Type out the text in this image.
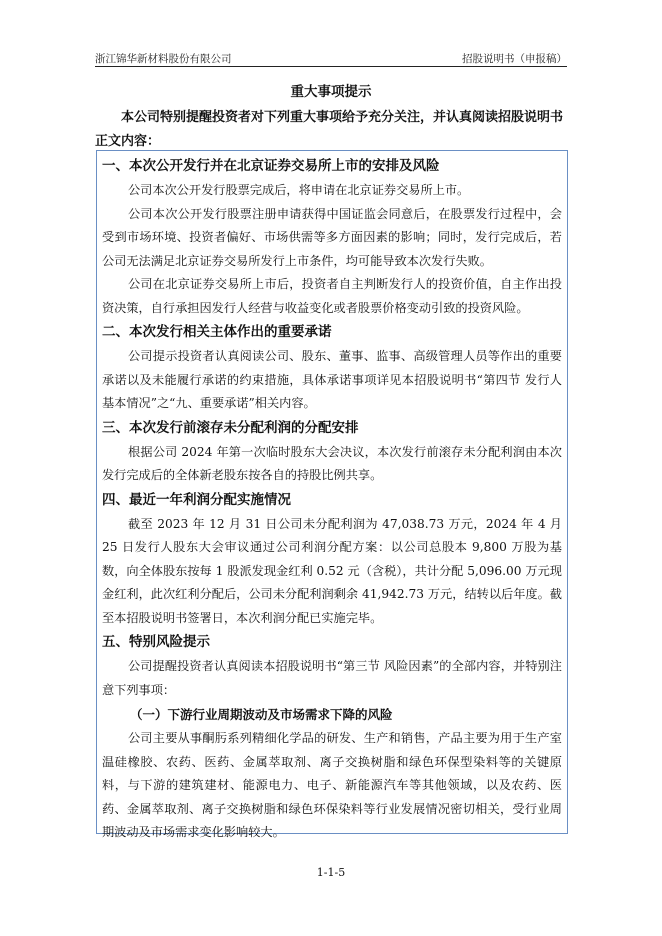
浙江锦华新材料股份有限公司	招股说明书（申报稿）
重大事项提示

本公司特别提醒投资者对下列重大事项给予充分关注，并认真阅读招股说明书正文内容：

一、本次公开发行并在北京证券交易所上市的安排及风险

公司本次公开发行股票完成后，将申请在北京证券交易所上市。

公司本次公开发行股票注册申请获得中国证监会同意后，在股票发行过程中，会受到市场环境、投资者偏好、市场供需等多方面因素的影响；同时，发行完成后，若公司无法满足北京证券交易所发行上市条件，均可能导致本次发行失败。

公司在北京证券交易所上市后，投资者自主判断发行人的投资价值，自主作出投资决策，自行承担因发行人经营与收益变化或者股票价格变动引致的投资风险。

二、本次发行相关主体作出的重要承诺

公司提示投资者认真阅读公司、股东、董事、监事、高级管理人员等作出的重要承诺以及未能履行承诺的约束措施，具体承诺事项详见本招股说明书“第四节 发行人基本情况”之“九、重要承诺”相关内容。

三、本次发行前滚存未分配利润的分配安排

根据公司 2024 年第一次临时股东大会决议，本次发行前滚存未分配利润由本次发行完成后的全体新老股东按各自的持股比例共享。

四、最近一年利润分配实施情况

截至 2023 年 12 月 31 日公司未分配利润为 47,038.73 万元，2024 年 4 月 25 日发行人股东大会审议通过公司利润分配方案：以公司总股本 9,800 万股为基数，向全体股东按每 1 股派发现金红利 0.52 元（含税），共计分配 5,096.00 万元现金红利，此次红利分配后，公司未分配利润剩余 41,942.73 万元，结转以后年度。截至本招股说明书签署日，本次利润分配已实施完毕。

五、特别风险提示

公司提醒投资者认真阅读本招股说明书“第三节 风险因素”的全部内容，并特别注意下列事项：

（一）下游行业周期波动及市场需求下降的风险

公司主要从事酮肟系列精细化学品的研发、生产和销售，产品主要为用于生产室温硅橡胶、农药、医药、金属萃取剂、离子交换树脂和绿色环保型染料等的关键原料，与下游的建筑建材、能源电力、电子、新能源汽车等其他领域，以及农药、医药、金属萃取剂、离子交换树脂和绿色环保染料等行业发展情况密切相关，受行业周期波动及市场需求变化影响较大。

1-1-5
